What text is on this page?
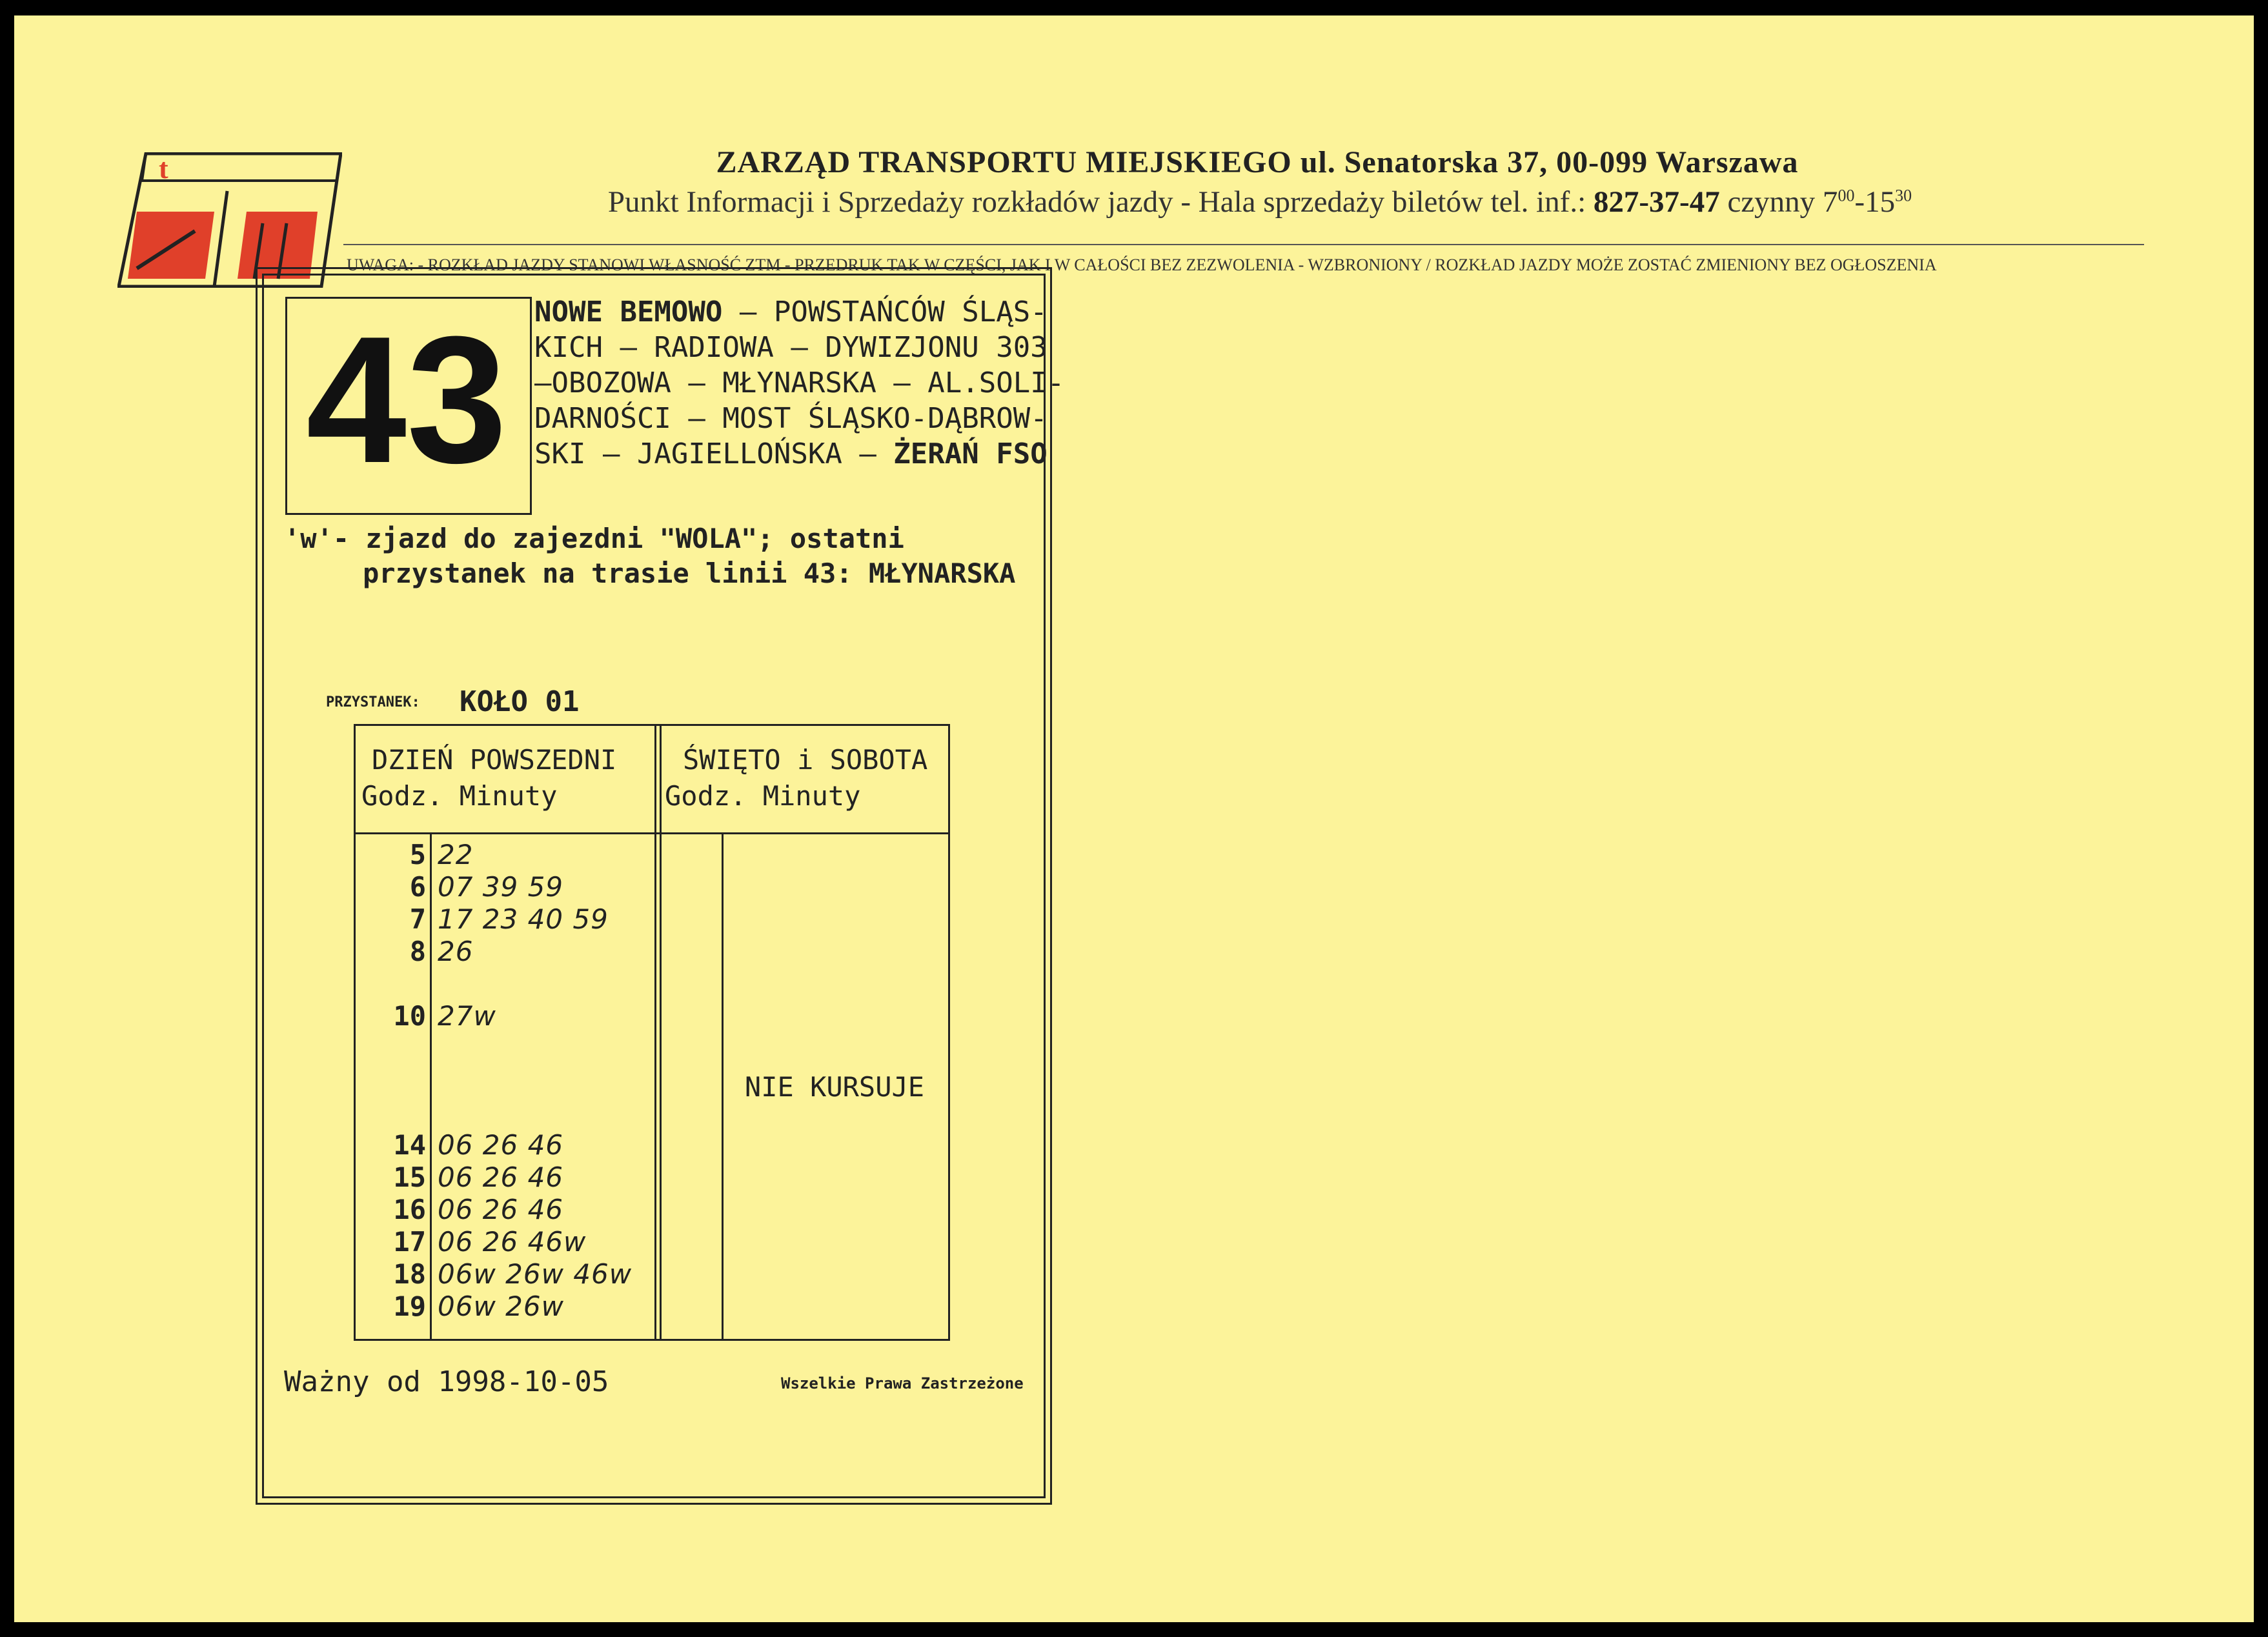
t	ZARZĄD TRANSPORTU MIEJSKIEGO ul. Senatorska 37, 00-099 Warszawa
Punkt Informacji i Sprzedaży rozkładów jazdy - Hala sprzedaży biletów tel. inf.: 827-37-47 czynny $7^{00}-15^{30}$
UWAGA: - ROZKŁAD JAZDY STANOWI WŁASNOŚĆ ZTM - PRZEDRUK TAK W CZĘŚCI, JAK I W CAŁOŚCI BEZ ZEZWOLENIA - WZBRONIONY / ROZKŁAD JAZDY MOŻE ZOSTAĆ ZMIENIONY BEZ OGŁOSZENIA
43 NOWE BEMOWO – POWSTAŃCÓW ŚLĄS-
KICH – RADIOWA – DYWIZJONU 303
–OBOZOWA – MŁYNARSKA – AL.SOLI-
DARNOŚCI – MOST ŚLĄSKO-DĄBROW-
SKI – JAGIELLOŃSKA – ŻERAŃ FSO
'w'- zjazd do zajezdni "WOLA"; ostatni
przystanek na trasie linii 43: MŁYNARSKA
PRZYSTANEK: KOŁO 01
DZIEŃ POWSZEDNI
Godz. Minuty
ŚWIĘTO i SOBOTA
Godz. Minuty
5 22
6 07 39 59
7 17 23 40 59
8 26
10 27w
14 06 26 46
15 06 26 46
16 06 26 46
17 06 26 46w
18 06w 26w 46w
19 06w 26w
NIE KURSUJE
Ważny od 1998-10-05	Wszelkie Prawa Zastrzeżone
